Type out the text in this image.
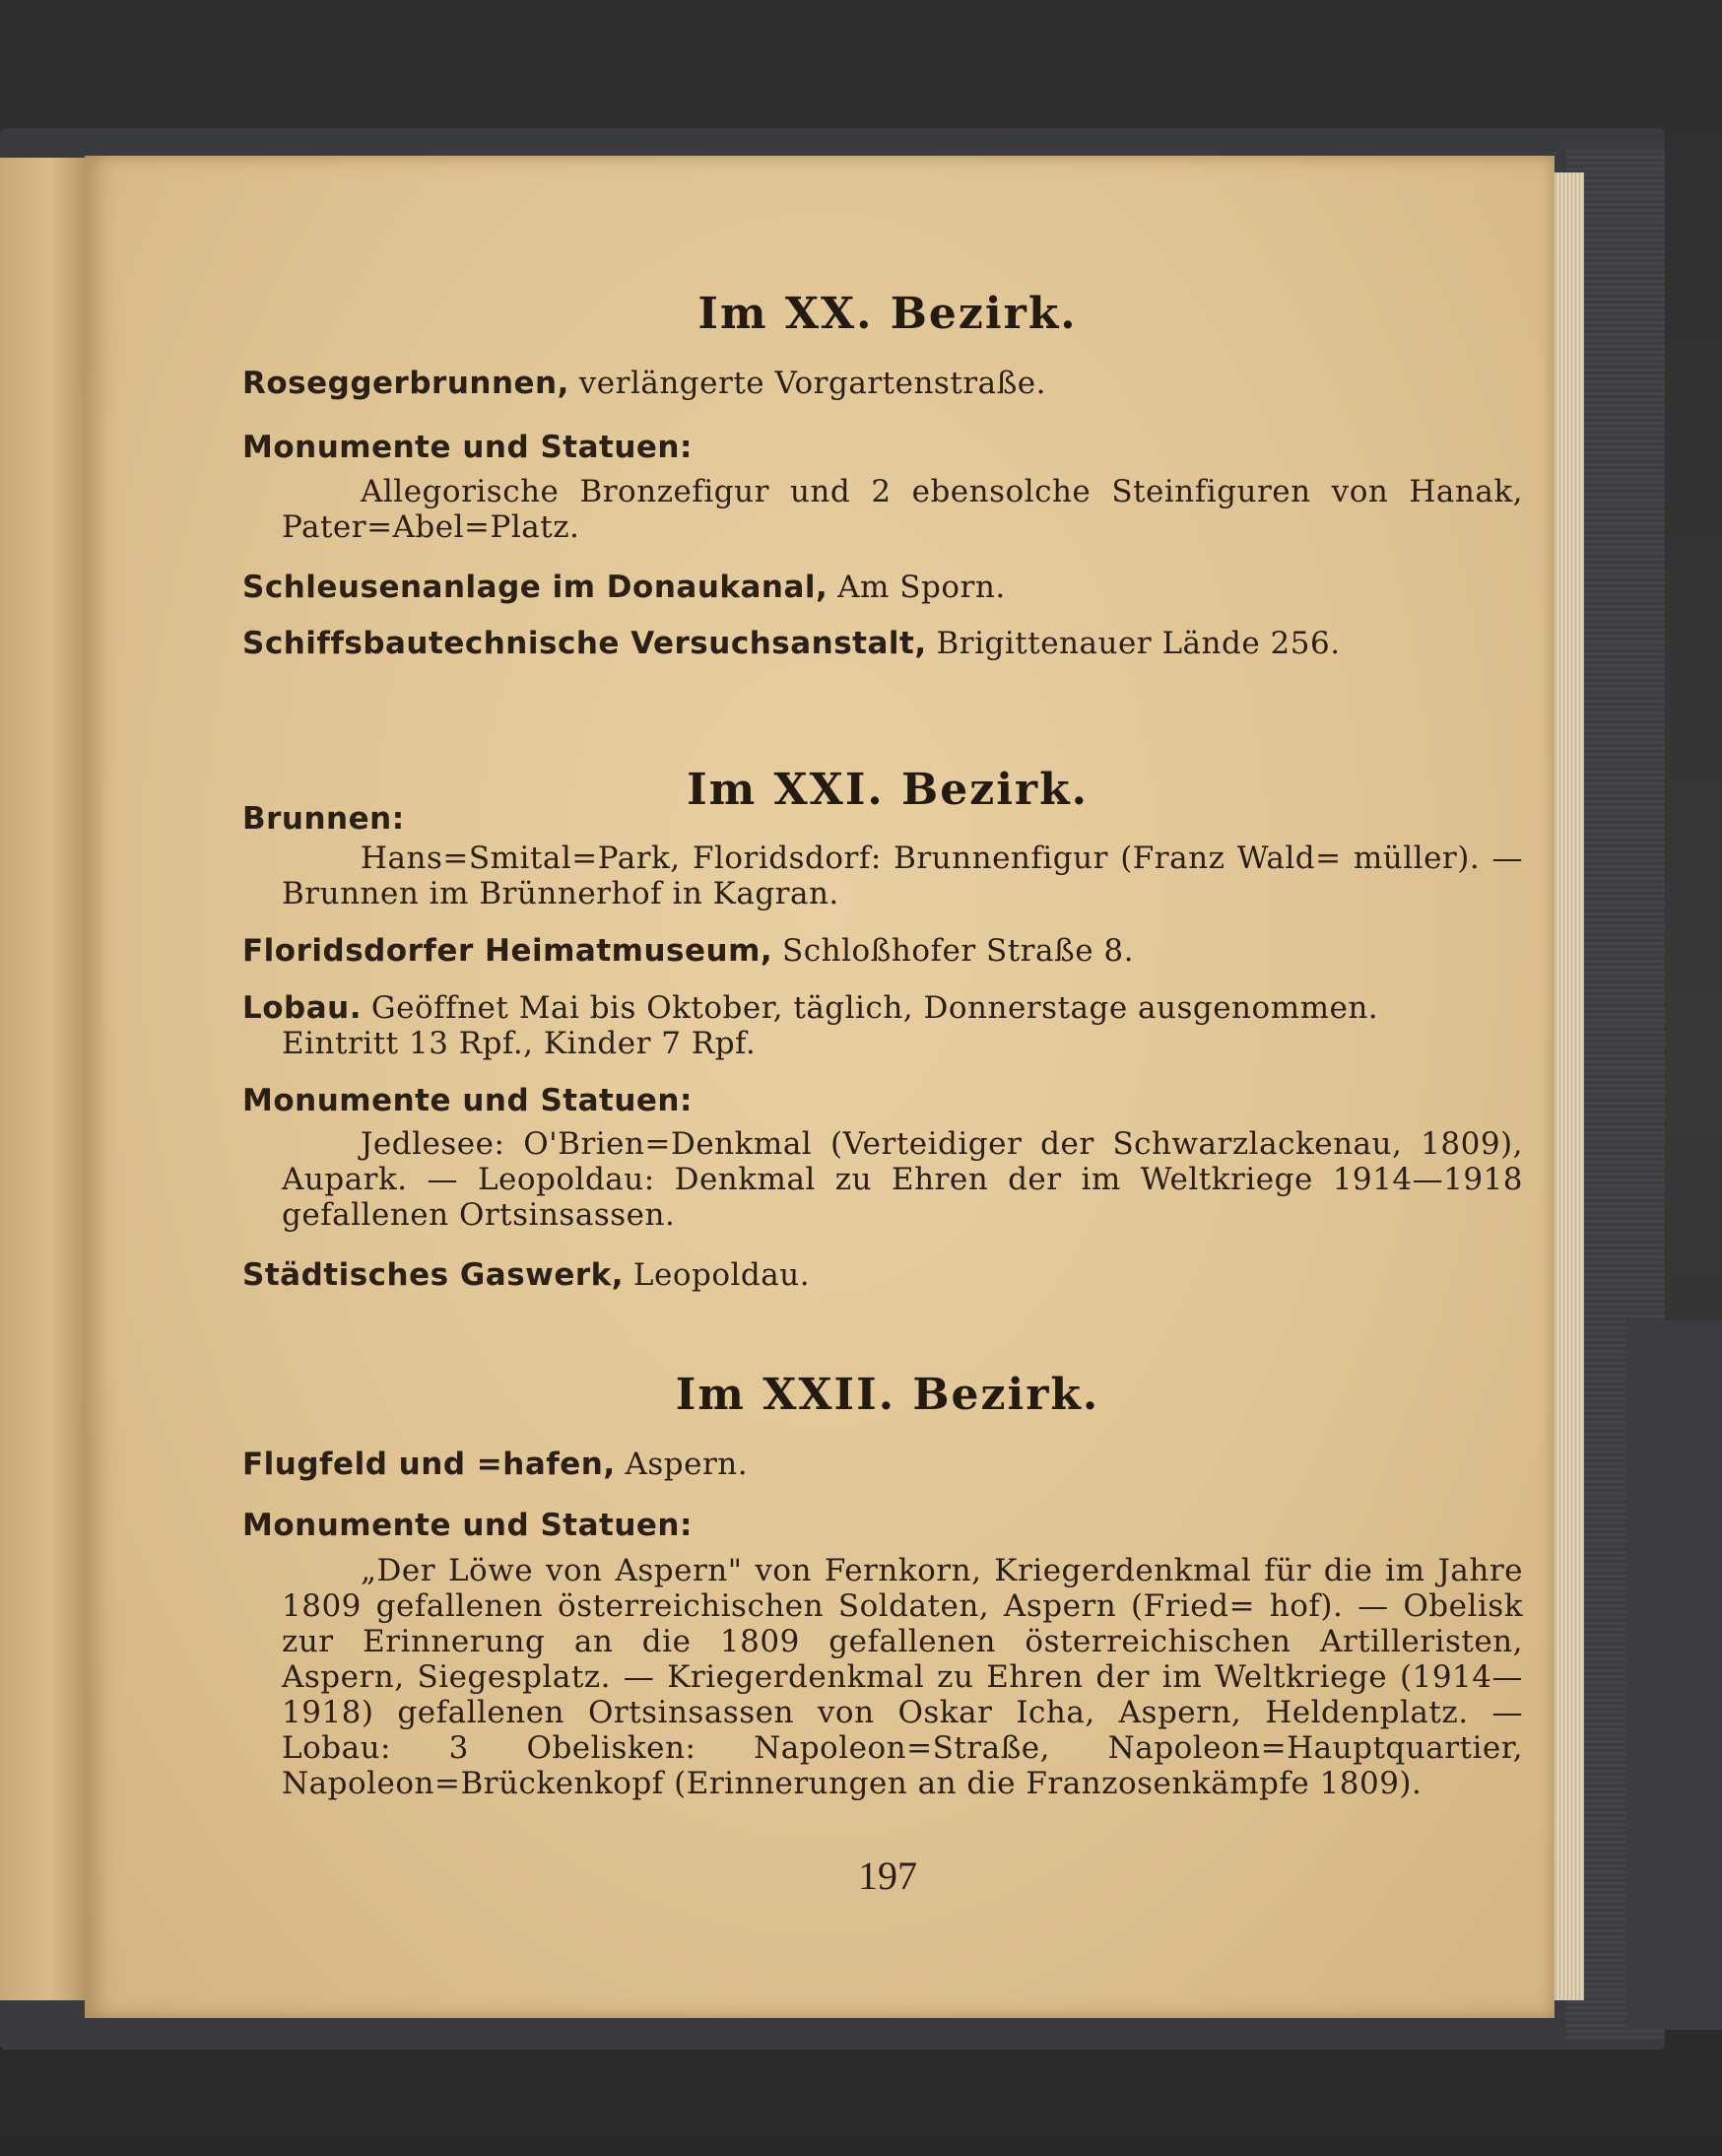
Im XX. Bezirk.

Roseggerbrunnen, verlängerte Vorgartenstraße.

Monumente und Statuen:

Allegorische Bronzefigur und 2 ebensolche Steinfiguren von Hanak, Pater=Abel=Platz.

Schleusenanlage im Donaukanal, Am Sporn.

Schiffsbautechnische Versuchsanstalt, Brigittenauer Lände 256.

Im XXI. Bezirk.

Brunnen:

Hans=Smital=Park, Floridsdorf: Brunnenfigur (Franz Wald= müller). — Brunnen im Brünnerhof in Kagran.

Floridsdorfer Heimatmuseum, Schloßhofer Straße 8.

Lobau. Geöffnet Mai bis Oktober, täglich, Donnerstage ausgenommen.

Eintritt 13 Rpf., Kinder 7 Rpf.

Monumente und Statuen:

Jedlesee: O'Brien=Denkmal (Verteidiger der Schwarzlackenau, 1809), Aupark. — Leopoldau: Denkmal zu Ehren der im Weltkriege 1914—1918 gefallenen Ortsinsassen.

Städtisches Gaswerk, Leopoldau.

Im XXII. Bezirk.

Flugfeld und =hafen, Aspern.

Monumente und Statuen:

„Der Löwe von Aspern" von Fernkorn, Kriegerdenkmal für die im Jahre 1809 gefallenen österreichischen Soldaten, Aspern (Fried= hof). — Obelisk zur Erinnerung an die 1809 gefallenen österreichischen Artilleristen, Aspern, Siegesplatz. — Kriegerdenkmal zu Ehren der im Weltkriege (1914—1918) gefallenen Ortsinsassen von Oskar Icha, Aspern, Heldenplatz. — Lobau: 3 Obelisken: Napoleon=Straße, Napoleon=Hauptquartier, Napoleon=Brückenkopf (Erinnerungen an die Franzosenkämpfe 1809).

197
